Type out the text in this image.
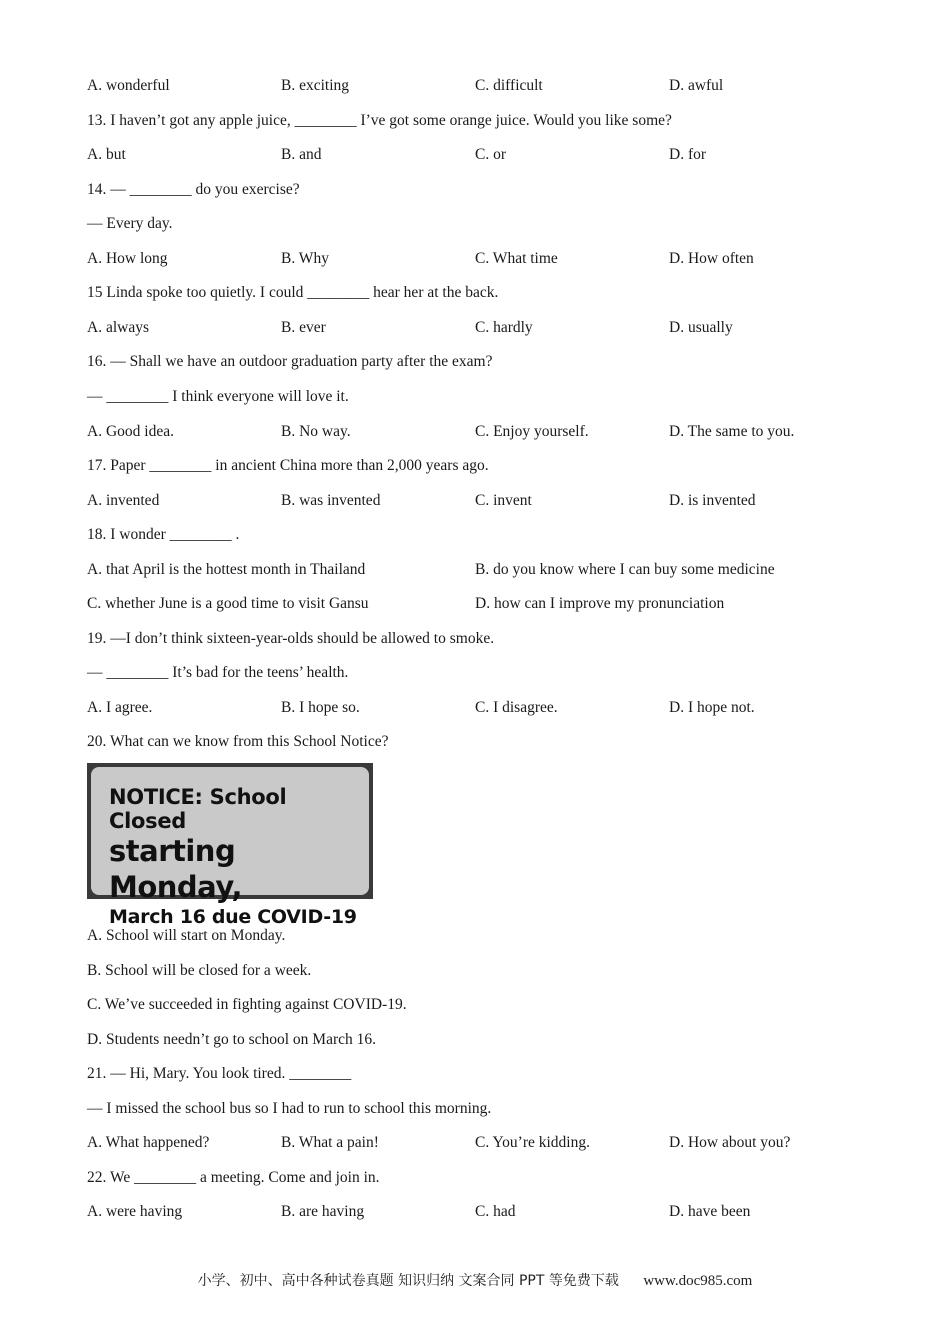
A. wonderful	B. exciting	C. difficult	D. awful
13. I haven’t got any apple juice, ________ I’ve got some orange juice. Would you like some?
A. but	B. and	C. or	D. for
14. — ________ do you exercise?
— Every day.
A. How long	B. Why	C. What time	D. How often
15 Linda spoke too quietly. I could ________ hear her at the back.
A. always	B. ever	C. hardly	D. usually
16. — Shall we have an outdoor graduation party after the exam?
— ________ I think everyone will love it.
A. Good idea.	B. No way.	C. Enjoy yourself.	D. The same to you.
17. Paper ________ in ancient China more than 2,000 years ago.
A. invented	B. was invented	C. invent	D. is invented
18. I wonder ________ .
A. that April is the hottest month in Thailand	B. do you know where I can buy some medicine
C. whether June is a good time to visit Gansu	D. how can I improve my pronunciation
19. —I don’t think sixteen-year-olds should be allowed to smoke.
— ________ It’s bad for the teens’ health.
A. I agree.	B. I hope so.	C. I disagree.	D. I hope not.
20. What can we know from this School Notice?
NOTICE: School Closed
starting Monday,
March 16 due COVID-19
A. School will start on Monday.
B. School will be closed for a week.
C. We’ve succeeded in fighting against COVID-19.
D. Students needn’t go to school on March 16.
21. — Hi, Mary. You look tired. ________
— I missed the school bus so I had to run to school this morning.
A. What happened?	B. What a pain!	C. You’re kidding.	D. How about you?
22. We ________ a meeting. Come and join in.
A. were having	B. are having	C. had	D. have been
小学、初中、高中各种试卷真题 知识归纳 文案合同 PPT 等免费下载 www.doc985.com
